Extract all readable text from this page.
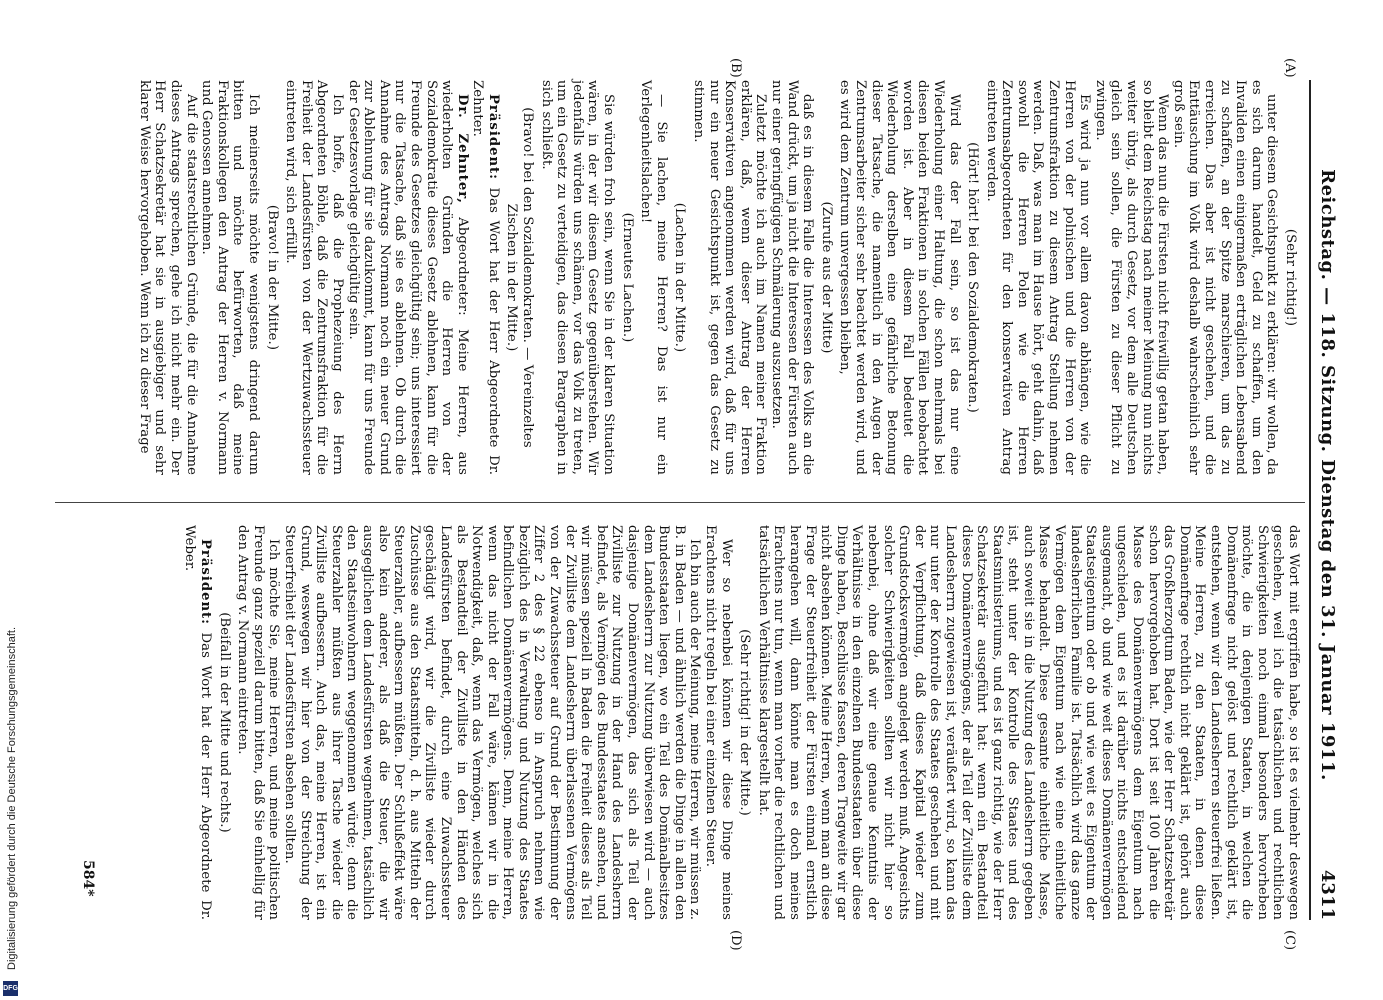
Reichstag. — 118. Sitzung. Dienstag den 31. Januar 1911.
4311
(A)
(B)
(C)
(D)

(Sehr richtig!)

unter diesem Gesichtspunkt zu erklären: wir wollen, da es sich darum handelt, Geld zu schaffen, um den Invaliden einen einigermaßen erträglichen Lebensabend zu schaffen, an der Spitze marschieren, um das zu erreichen. Das aber ist nicht geschehen, und die Enttäuschung im Volk wird deshalb wahrscheinlich sehr groß sein.

Wenn das nun die Fürsten nicht freiwillig getan haben, so bleibt dem Reichstag nach meiner Meinung nun nichts weiter übrig, als durch Gesetz, vor dem alle Deutschen gleich sein sollen, die Fürsten zu dieser Pflicht zu zwingen.

Es wird ja nun vor allem davon abhängen, wie die Herren von der polnischen und die Herren von der Zentrumsfraktion zu diesem Antrag Stellung nehmen werden. Daß, was man im Hause hört, geht dahin, daß sowohl die Herren Polen wie die Herren Zentrumsabgeordneten für den konservativen Antrag eintreten werden.

(Hört! hört! bei den Sozialdemokraten.)

Wird das der Fall sein, so ist das nur eine Wiederholung einer Haltung, die schon mehrmals bei diesen beiden Fraktionen in solchen Fällen beobachtet worden ist. Aber in diesem Fall bedeutet die Wiederholung derselben eine gefährliche Betonung dieser Tatsache, die namentlich in den Augen der Zentrumsarbeiter sicher sehr beachtet werden wird, und es wird dem Zentrum unvergessen bleiben,

(Zurufe aus der Mitte)

daß es in diesem Falle die Interessen des Volks an die Wand drückt, um ja nicht die Interessen der Fürsten auch nur einer geringfügigen Schmälerung auszusetzen.

Zuletzt möchte ich auch im Namen meiner Fraktion erklären, daß, wenn dieser Antrag der Herren Konservativen angenommen werden wird, daß für uns nur ein neuer Gesichtspunkt ist, gegen das Gesetz zu stimmen.

(Lachen in der Mitte.)

— Sie lachen, meine Herren? Das ist nur ein Verlegenheitslachen!

(Erneutes Lachen.)

Sie würden froh sein, wenn Sie in der klaren Situation wären, in der wir diesem Gesetz gegenüberstehen. Wir jedenfalls würden uns schämen, vor das Volk zu treten, um ein Gesetz zu verteidigen, das diesen Paragraphen in sich schließt.

(Bravo! bei den Sozialdemokraten. — Vereinzeltes Zischen in der Mitte.)

Präsident: Das Wort hat der Herr Abgeordnete Dr. Zehnter.

Dr. Zehnter, Abgeordneter: Meine Herren, aus wiederholten Gründen die Herren von der Sozialdemokratie dieses Gesetz ablehnen, kann für die Freunde des Gesetzes gleichgültig sein; uns interessiert nur die Tatsache, daß sie es ablehnen. Ob durch die Annahme des Antrags Normann noch ein neuer Grund zur Ablehnung für sie dazukommt, kann für uns Freunde der Gesetzesvorlage gleichgültig sein.

Ich hoffe, daß die Prophezeiung des Herrn Abgeordneten Böhle, daß die Zentrumsfraktion für die Freiheit der Landesfürsten von der Wertzuwachssteuer eintreten wird, sich erfüllt.

(Bravo! in der Mitte.)

Ich meinerseits möchte wenigstens dringend darum bitten und möchte befürworten, daß meine Fraktionskollegen den Antrag der Herren v. Normann und Genossen annehmen.

Auf die staatsrechtlichen Gründe, die für die Annahme dieses Antrags sprechen, gehe ich nicht mehr ein. Der Herr Schatzsekretär hat sie in ausgiebiger und sehr klarer Weise hervorgehoben. Wenn ich zu dieser Frage

das Wort mit ergriffen habe, so ist es vielmehr deswegen geschehen, weil ich die tatsächlichen und rechtlichen Schwierigkeiten noch einmal besonders hervorheben möchte, die in denjenigen Staaten, in welchen die Domänenfrage nicht gelöst und rechtlich geklärt ist, entstehen, wenn wir den Landesherren steuerfrei ließen. Meine Herren, zu den Staaten, in denen diese Domänenfrage rechtlich nicht geklärt ist, gehört auch das Großherzogtum Baden, wie der Herr Schatzsekretär schon hervorgehoben hat. Dort ist seit 100 Jahren die Masse des Domänenvermögens dem Eigentum nach ungeschieden, und es ist darüber nichts entscheidend ausgemacht, ob und wie weit dieses Domänenvermögen Staatseigentum oder ob und wie weit es Eigentum der landesherrlichen Familie ist. Tatsächlich wird das ganze Vermögen dem Eigentum nach wie eine einheitliche Masse behandelt. Diese gesamte einheitliche Masse, auch soweit sie in die Nutzung des Landesherrn gegeben ist, steht unter der Kontrolle des Staates und des Staatsministeriums, und es ist ganz richtig, wie der Herr Schatzsekretär ausgeführt hat: wenn ein Bestandteil dieses Domänenvermögens, der als Teil der Zivilliste dem Landesherrn zugewiesen ist, veräußert wird, so kann das nur unter der Kontrolle des Staates geschehen und mit der Verpflichtung, daß dieses Kapital wieder zum Grundstocksvermögen angelegt werden muß. Angesichts solcher Schwierigkeiten sollten wir nicht hier so nebenbei, ohne daß wir eine genaue Kenntnis der Verhältnisse in den einzelnen Bundesstaaten über diese Dinge haben, Beschlüsse fassen, deren Tragweite wir gar nicht absehen können. Meine Herren, wenn man an diese Frage der Steuerfreiheit der Fürsten einmal ernstlich herangehen will, dann könnte man es doch meines Erachtens nur tun, wenn man vorher die rechtlichen und tatsächlichen Verhältnisse klargestellt hat.

(Sehr richtig! in der Mitte.)

Wer so nebenbei können wir diese Dinge meines Erachtens nicht regeln bei einer einzelnen Steuer.

Ich bin auch der Meinung, meine Herren, wir müssen z. B. in Baden — und ähnlich werden die Dinge in allen den Bundesstaaten liegen, wo ein Teil des Domänalbesitzes dem Landesherrn zur Nutzung überwiesen wird — auch dasjenige Domänenvermögen, das sich als Teil der Zivilliste zur Nutzung in der Hand des Landesherrn befindet, als Vermögen des Bundesstaates ansehen, und wir müssen speziell in Baden die Freiheit dieses als Teil der Zivilliste dem Landesherrn überlassenen Vermögens von der Zuwachssteuer auf Grund der Bestimmung der Ziffer 2 des § 22 ebenso in Anspruch nehmen wie bezüglich des in Verwaltung und Nutzung des Staates befindlichen Domänenvermögens. Denn, meine Herren, wenn das nicht der Fall wäre, kämen wir in die Notwendigkeit, daß, wenn das Vermögen, welches sich als Bestandteil der Zivilliste in den Händen des Landesfürsten befindet, durch eine Zuwachssteuer geschädigt wird, wir die Zivilliste wieder durch Zuschüsse aus den Staatsmitteln, d. h. aus Mitteln der Steuerzahler, aufbessern müßten. Der Schlußeffekt wäre also kein anderer, als daß die Steuer, die wir ausgeglichen dem Landesfürsten wegnehmen, tatsächlich den Staatseinwohnern weggenommen würde; denn die Steuerzahler müßten aus ihrer Tasche wieder die Zivilliste aufbessern. Auch das, meine Herren, ist ein Grund, weswegen wir hier von der Streichung der Steuerfreiheit der Landesfürsten absehen sollten.

Ich möchte Sie, meine Herren, und meine politischen Freunde ganz speziell darum bitten, daß Sie einhellig für den Antrag v. Normann eintreten.

(Beifall in der Mitte und rechts.)

Präsident: Das Wort hat der Herr Abgeordnete Dr. Weber.

584*
Digitalisierung gefördert durch die Deutsche Forschungsgemeinschaft.
DFG
